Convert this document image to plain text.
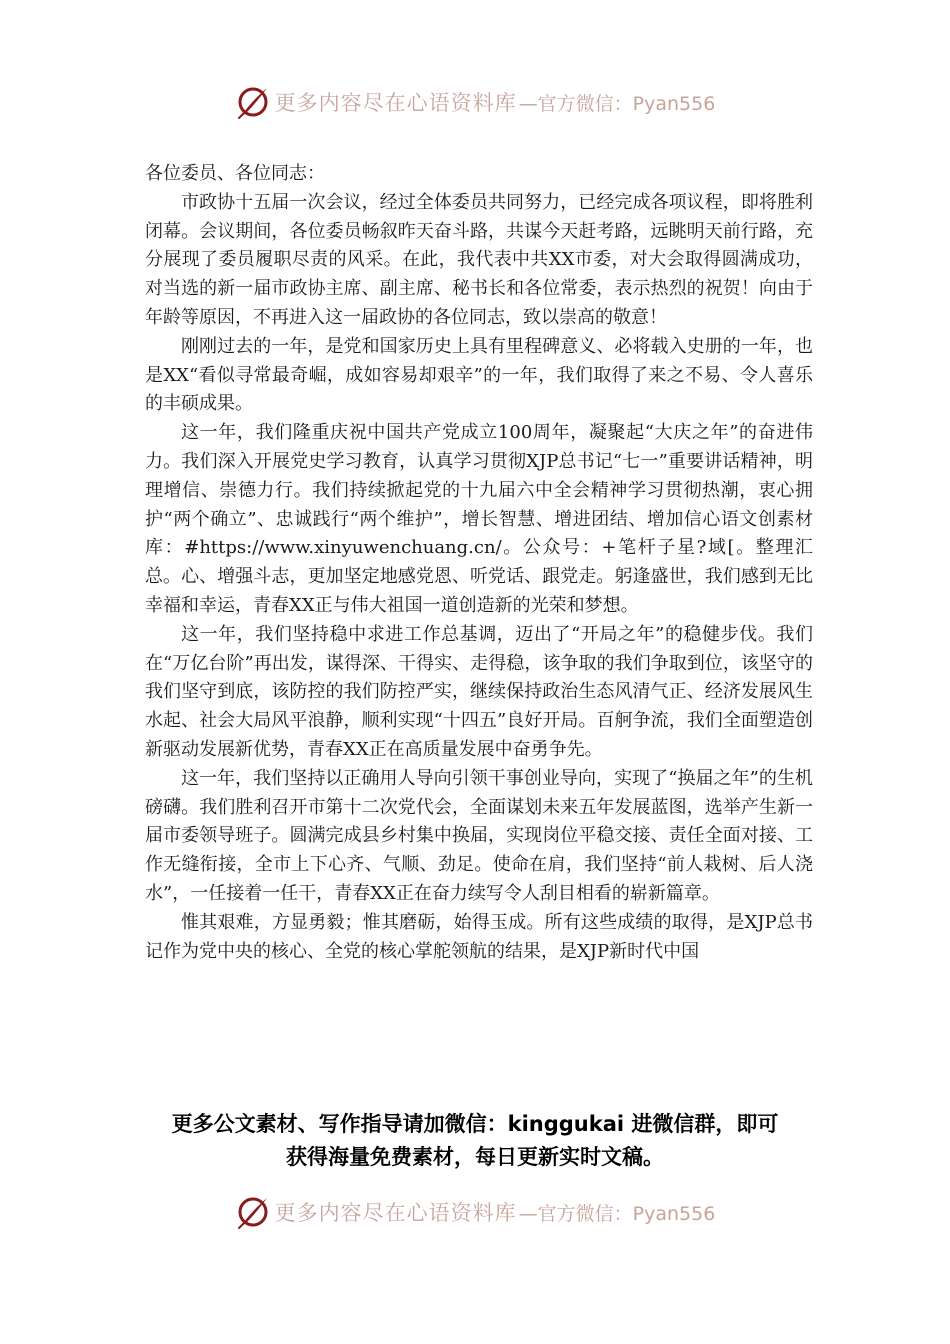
更多内容尽在心语资料库 —官方微信：Pyan556

各位委员、各位同志：

市政协十五届一次会议，经过全体委员共同努力，已经完成各项议程，即将胜利闭幕。会议期间，各位委员畅叙昨天奋斗路，共谋今天赶考路，远眺明天前行路，充分展现了委员履职尽责的风采。在此，我代表中共XX市委，对大会取得圆满成功，对当选的新一届市政协主席、副主席、秘书长和各位常委，表示热烈的祝贺！向由于年龄等原因，不再进入这一届政协的各位同志，致以崇高的敬意！

刚刚过去的一年，是党和国家历史上具有里程碑意义、必将载入史册的一年，也是XX“看似寻常最奇崛，成如容易却艰辛”的一年，我们取得了来之不易、令人喜乐的丰硕成果。

这一年，我们隆重庆祝中国共产党成立100周年，凝聚起“大庆之年”的奋进伟力。我们深入开展党史学习教育，认真学习贯彻XJP总书记“七一”重要讲话精神，明理增信、崇德力行。我们持续掀起党的十九届六中全会精神学习贯彻热潮，衷心拥护“两个确立”、忠诚践行“两个维护”，增长智慧、增进团结、增加信心语文创素材库：#https://www.xinyuwenchuang.cn/。公众号：+笔杆子星?域[。整理汇总。心、增强斗志，更加坚定地感党恩、听党话、跟党走。躬逢盛世，我们感到无比幸福和幸运，青春XX正与伟大祖国一道创造新的光荣和梦想。

这一年，我们坚持稳中求进工作总基调，迈出了“开局之年”的稳健步伐。我们在“万亿台阶”再出发，谋得深、干得实、走得稳，该争取的我们争取到位，该坚守的我们坚守到底，该防控的我们防控严实，继续保持政治生态风清气正、经济发展风生水起、社会大局风平浪静，顺利实现“十四五”良好开局。百舸争流，我们全面塑造创新驱动发展新优势，青春XX正在高质量发展中奋勇争先。

这一年，我们坚持以正确用人导向引领干事创业导向，实现了“换届之年”的生机磅礴。我们胜利召开市第十二次党代会，全面谋划未来五年发展蓝图，选举产生新一届市委领导班子。圆满完成县乡村集中换届，实现岗位平稳交接、责任全面对接、工作无缝衔接，全市上下心齐、气顺、劲足。使命在肩，我们坚持“前人栽树、后人浇水”，一任接着一任干，青春XX正在奋力续写令人刮目相看的崭新篇章。

惟其艰难，方显勇毅；惟其磨砺，始得玉成。所有这些成绩的取得，是XJP总书记作为党中央的核心、全党的核心掌舵领航的结果，是XJP新时代中国

更多公文素材、写作指导请加微信：kinggukai 进微信群，即可
获得海量免费素材，每日更新实时文稿。
更多内容尽在心语资料库 —官方微信：Pyan556
